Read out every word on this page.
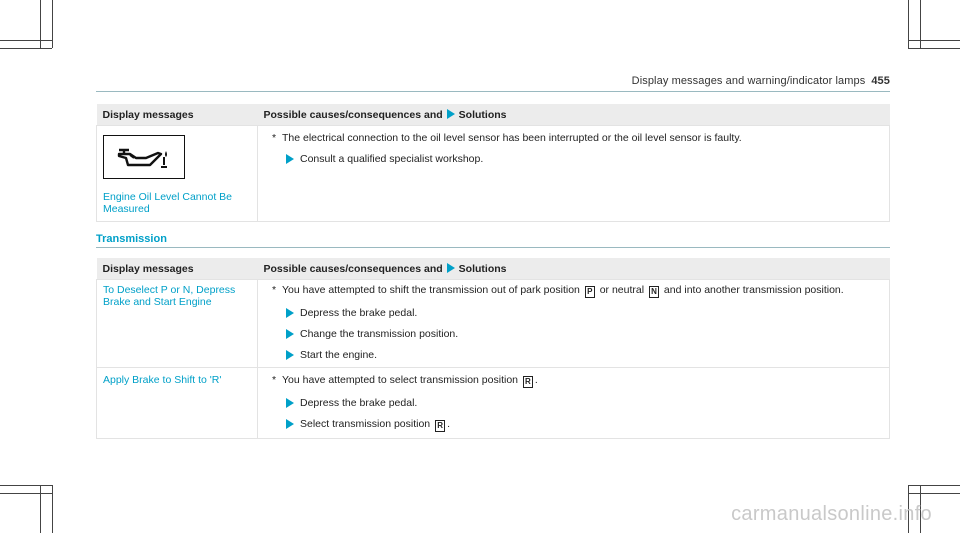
Display messages and warning/indicator lamps 455
Display messages	Possible causes/consequences and Solutions

Engine Oil Level Cannot Be Measured	* The electrical connection to the oil level sensor has been interrupted or the oil level sensor is faulty.
Consult a qualified specialist workshop.
Transmission
Display messages	Possible causes/consequences and Solutions

To Deselect P or N, Depress Brake and Start Engine	* You have attempted to shift the transmission out of park position P or neutral N and into another transmission position.
Depress the brake pedal.
Change the transmission position.
Start the engine.

Apply Brake to Shift to 'R'	* You have attempted to select transmission position R .
Depress the brake pedal.
Select transmission position R .
carmanualsonline.info
